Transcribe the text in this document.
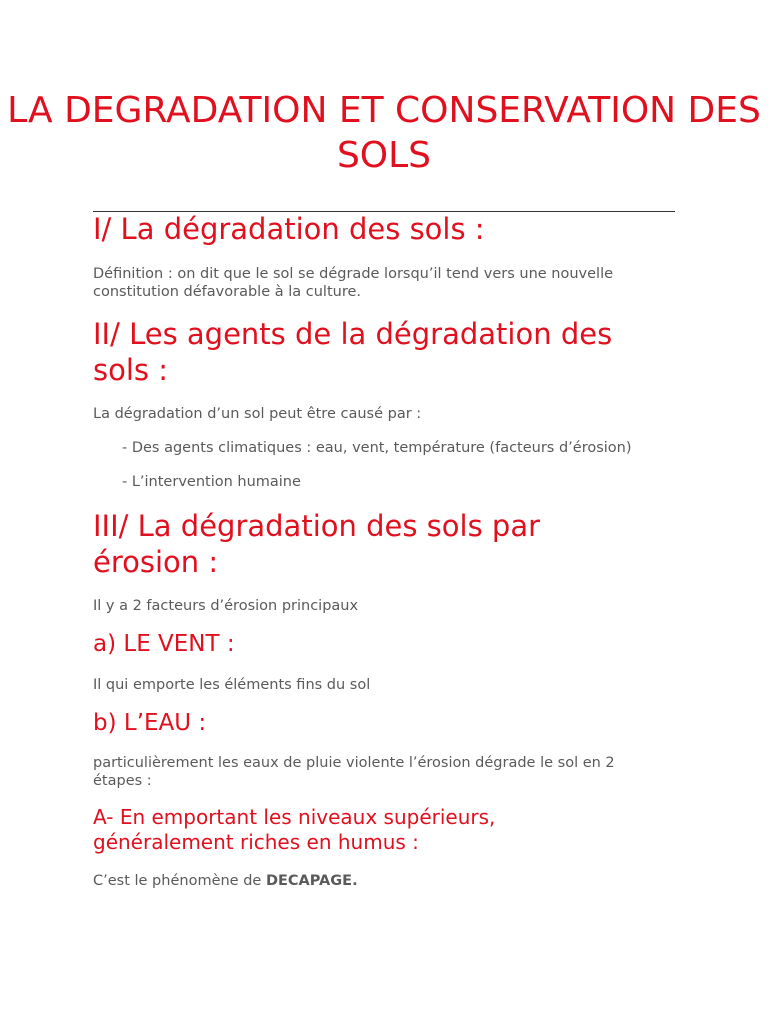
LA DEGRADATION ET CONSERVATION DES SOLS
I/ La dégradation des sols :

Définition : on dit que le sol se dégrade lorsqu’il tend vers une nouvelle constitution défavorable à la culture.

II/ Les agents de la dégradation des sols :

La dégradation d’un sol peut être causé par :

- Des agents climatiques : eau, vent, température (facteurs d’érosion)

- L’intervention humaine

III/ La dégradation des sols par érosion :

Il y a 2 facteurs d’érosion principaux

a) LE VENT :

Il qui emporte les éléments fins du sol

b) L’EAU :

particulièrement les eaux de pluie violente l’érosion dégrade le sol en 2 étapes :

A- En emportant les niveaux supérieurs, généralement riches en humus :

C’est le phénomène de DECAPAGE.
